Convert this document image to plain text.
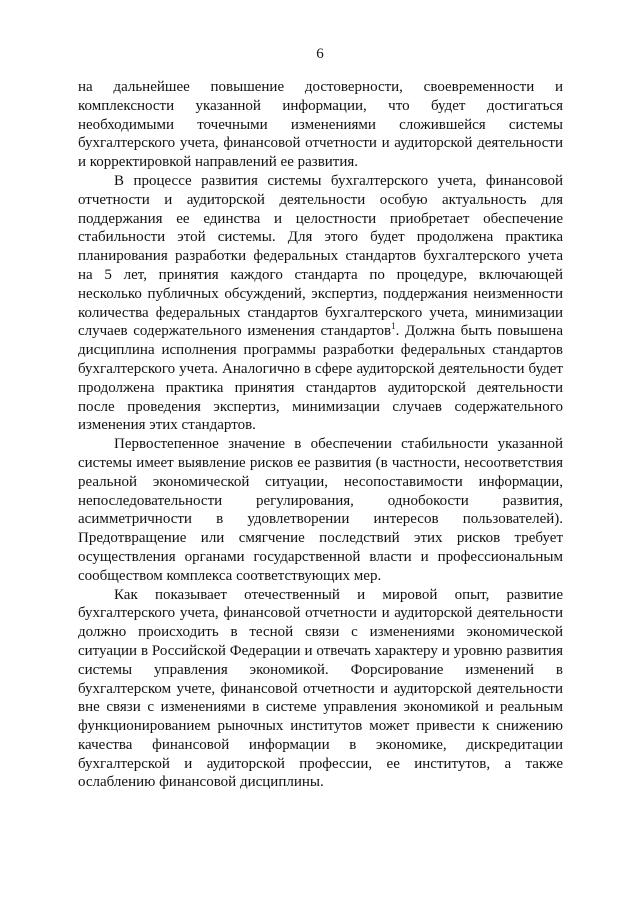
6

на дальнейшее повышение достоверности, своевременности и комплексности указанной информации, что будет достигаться необходимыми точечными изменениями сложившейся системы бухгалтерского учета, финансовой отчетности и аудиторской деятельности и корректировкой направлений ее развития.

В процессе развития системы бухгалтерского учета, финансовой отчетности и аудиторской деятельности особую актуальность для поддержания ее единства и целостности приобретает обеспечение стабильности этой системы. Для этого будет продолжена практика планирования разработки федеральных стандартов бухгалтерского учета на 5 лет, принятия каждого стандарта по процедуре, включающей несколько публичных обсуждений, экспертиз, поддержания неизменности количества федеральных стандартов бухгалтерского учета, минимизации случаев содержательного изменения стандартов$^1$. Должна быть повышена дисциплина исполнения программы разработки федеральных стандартов бухгалтерского учета. Аналогично в сфере аудиторской деятельности будет продолжена практика принятия стандартов аудиторской деятельности после проведения экспертиз, минимизации случаев содержательного изменения этих стандартов.

Первостепенное значение в обеспечении стабильности указанной системы имеет выявление рисков ее развития (в частности, несоответствия реальной экономической ситуации, несопоставимости информации, непоследовательности регулирования, однобокости развития, асимметричности в удовлетворении интересов пользователей). Предотвращение или смягчение последствий этих рисков требует осуществления органами государственной власти и профессиональным сообществом комплекса соответствующих мер.

Как показывает отечественный и мировой опыт, развитие бухгалтерского учета, финансовой отчетности и аудиторской деятельности должно происходить в тесной связи с изменениями экономической ситуации в Российской Федерации и отвечать характеру и уровню развития системы управления экономикой. Форсирование изменений в бухгалтерском учете, финансовой отчетности и аудиторской деятельности вне связи с изменениями в системе управления экономикой и реальным функционированием рыночных институтов может привести к снижению качества финансовой информации в экономике, дискредитации бухгалтерской и аудиторской профессии, ее институтов, а также ослаблению финансовой дисциплины.
